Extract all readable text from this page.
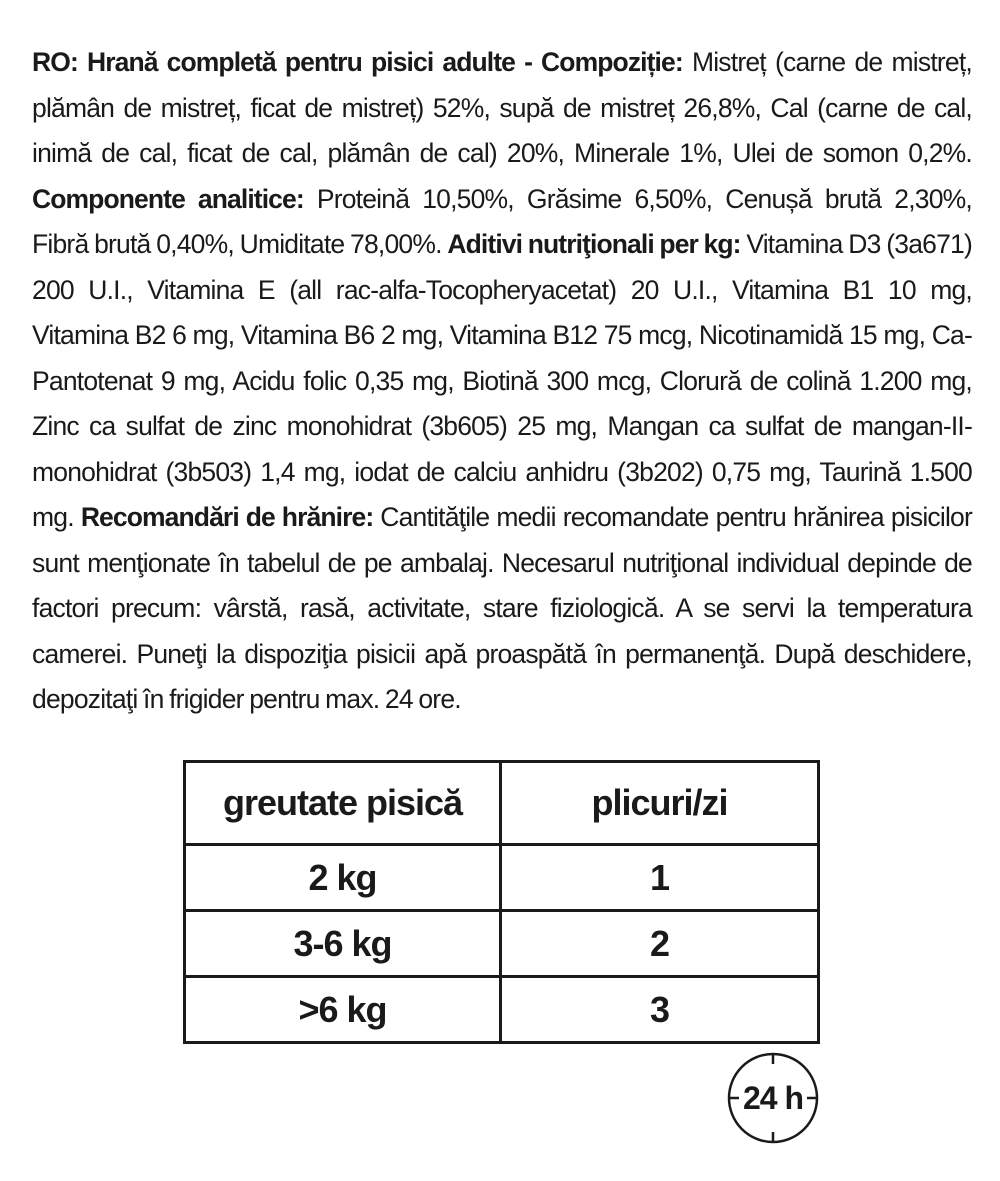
RO: Hrană completă pentru pisici adulte - Compoziție: Mistreț (carne de mistreț, plămân de mistreț, ficat de mistreț) 52%, supă de mistreț 26,8%, Cal (carne de cal, inimă de cal, ficat de cal, plămân de cal) 20%, Minerale 1%, Ulei de somon 0,2%. Componente analitice: Proteină 10,50%, Grăsime 6,50%, Cenușă brută 2,30%, Fibră brută 0,40%, Umiditate 78,00%. Aditivi nutriţionali per kg: Vitamina D3 (3a671) 200 U.I., Vitamina E (all rac-alfa-Tocopheryacetat) 20 U.I., Vitamina B1 10 mg, Vitamina B2 6 mg, Vitamina B6 2 mg, Vitamina B12 75 mcg, Nicotinamidă 15 mg, Ca-Pantotenat 9 mg, Acidu folic 0,35 mg, Biotină 300 mcg, Clorură de colină 1.200 mg, Zinc ca sulfat de zinc monohidrat (3b605) 25 mg, Mangan ca sulfat de mangan-II-monohidrat (3b503) 1,4 mg, iodat de calciu anhidru (3b202) 0,75 mg, Taurină 1.500 mg. Recomandări de hrănire: Cantităţile medii recomandate pentru hrănirea pisicilor sunt menţionate în tabelul de pe ambalaj. Necesarul nutriţional individual depinde de factori precum: vârstă, rasă, activitate, stare fiziologică. A se servi la temperatura camerei. Puneţi la dispoziţia pisicii apă proaspătă în permanenţă. După deschidere, depozitaţi în frigider pentru max. 24 ore.

greutate pisică	plicuri/zi
2 kg	1
3-6 kg	2
>6 kg	3
24 h
